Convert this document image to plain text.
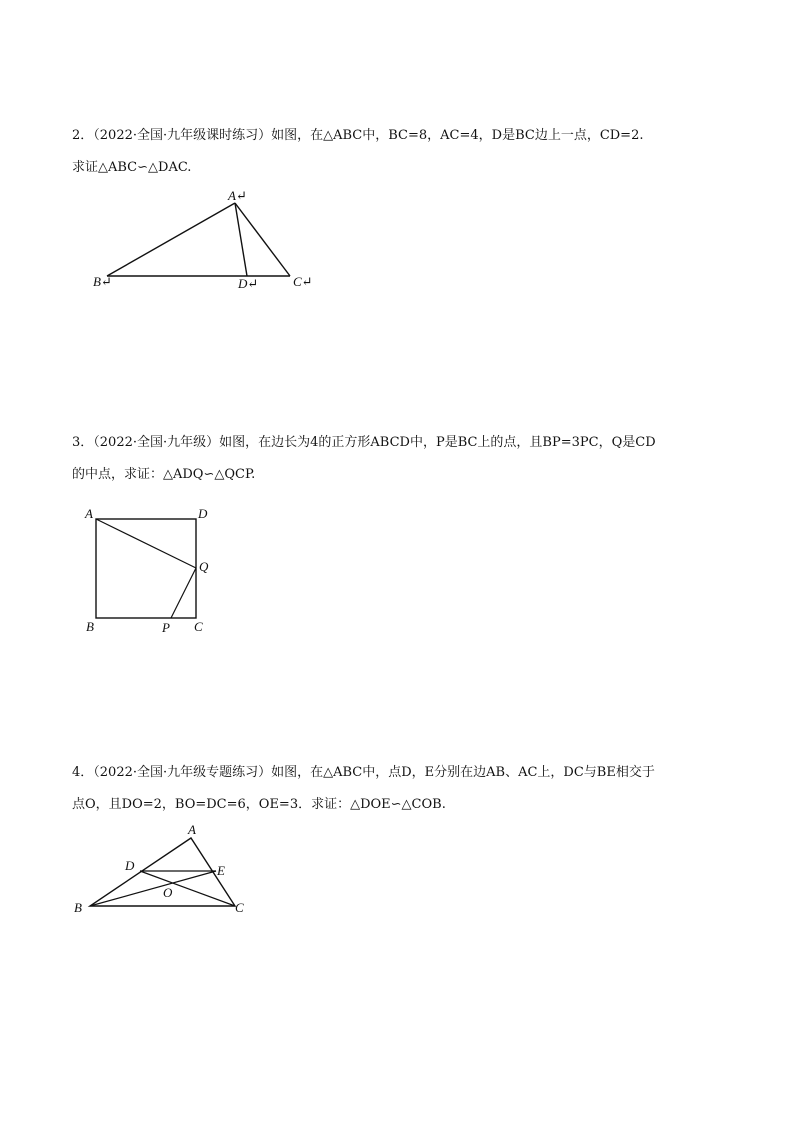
2．（2022·全国·九年级课时练习）如图，在△ABC中，BC=8，AC=4，D是BC边上一点，CD=2.
求证△ABC∽△DAC.
A↵
B↵	D↵	C↵
3．（2022·全国·九年级）如图，在边长为4的正方形ABCD中，P是BC上的点，且BP=3PC，Q是CD
的中点，求证：△ADQ∽△QCP.
A	D
Q
B	P C
4．（2022·全国·九年级专题练习）如图，在△ABC中，点D，E分别在边AB、AC上，DC与BE相交于
点O，且DO=2，BO=DC=6，OE=3．求证：△DOE∽△COB.
A
D	E
O
B	C
